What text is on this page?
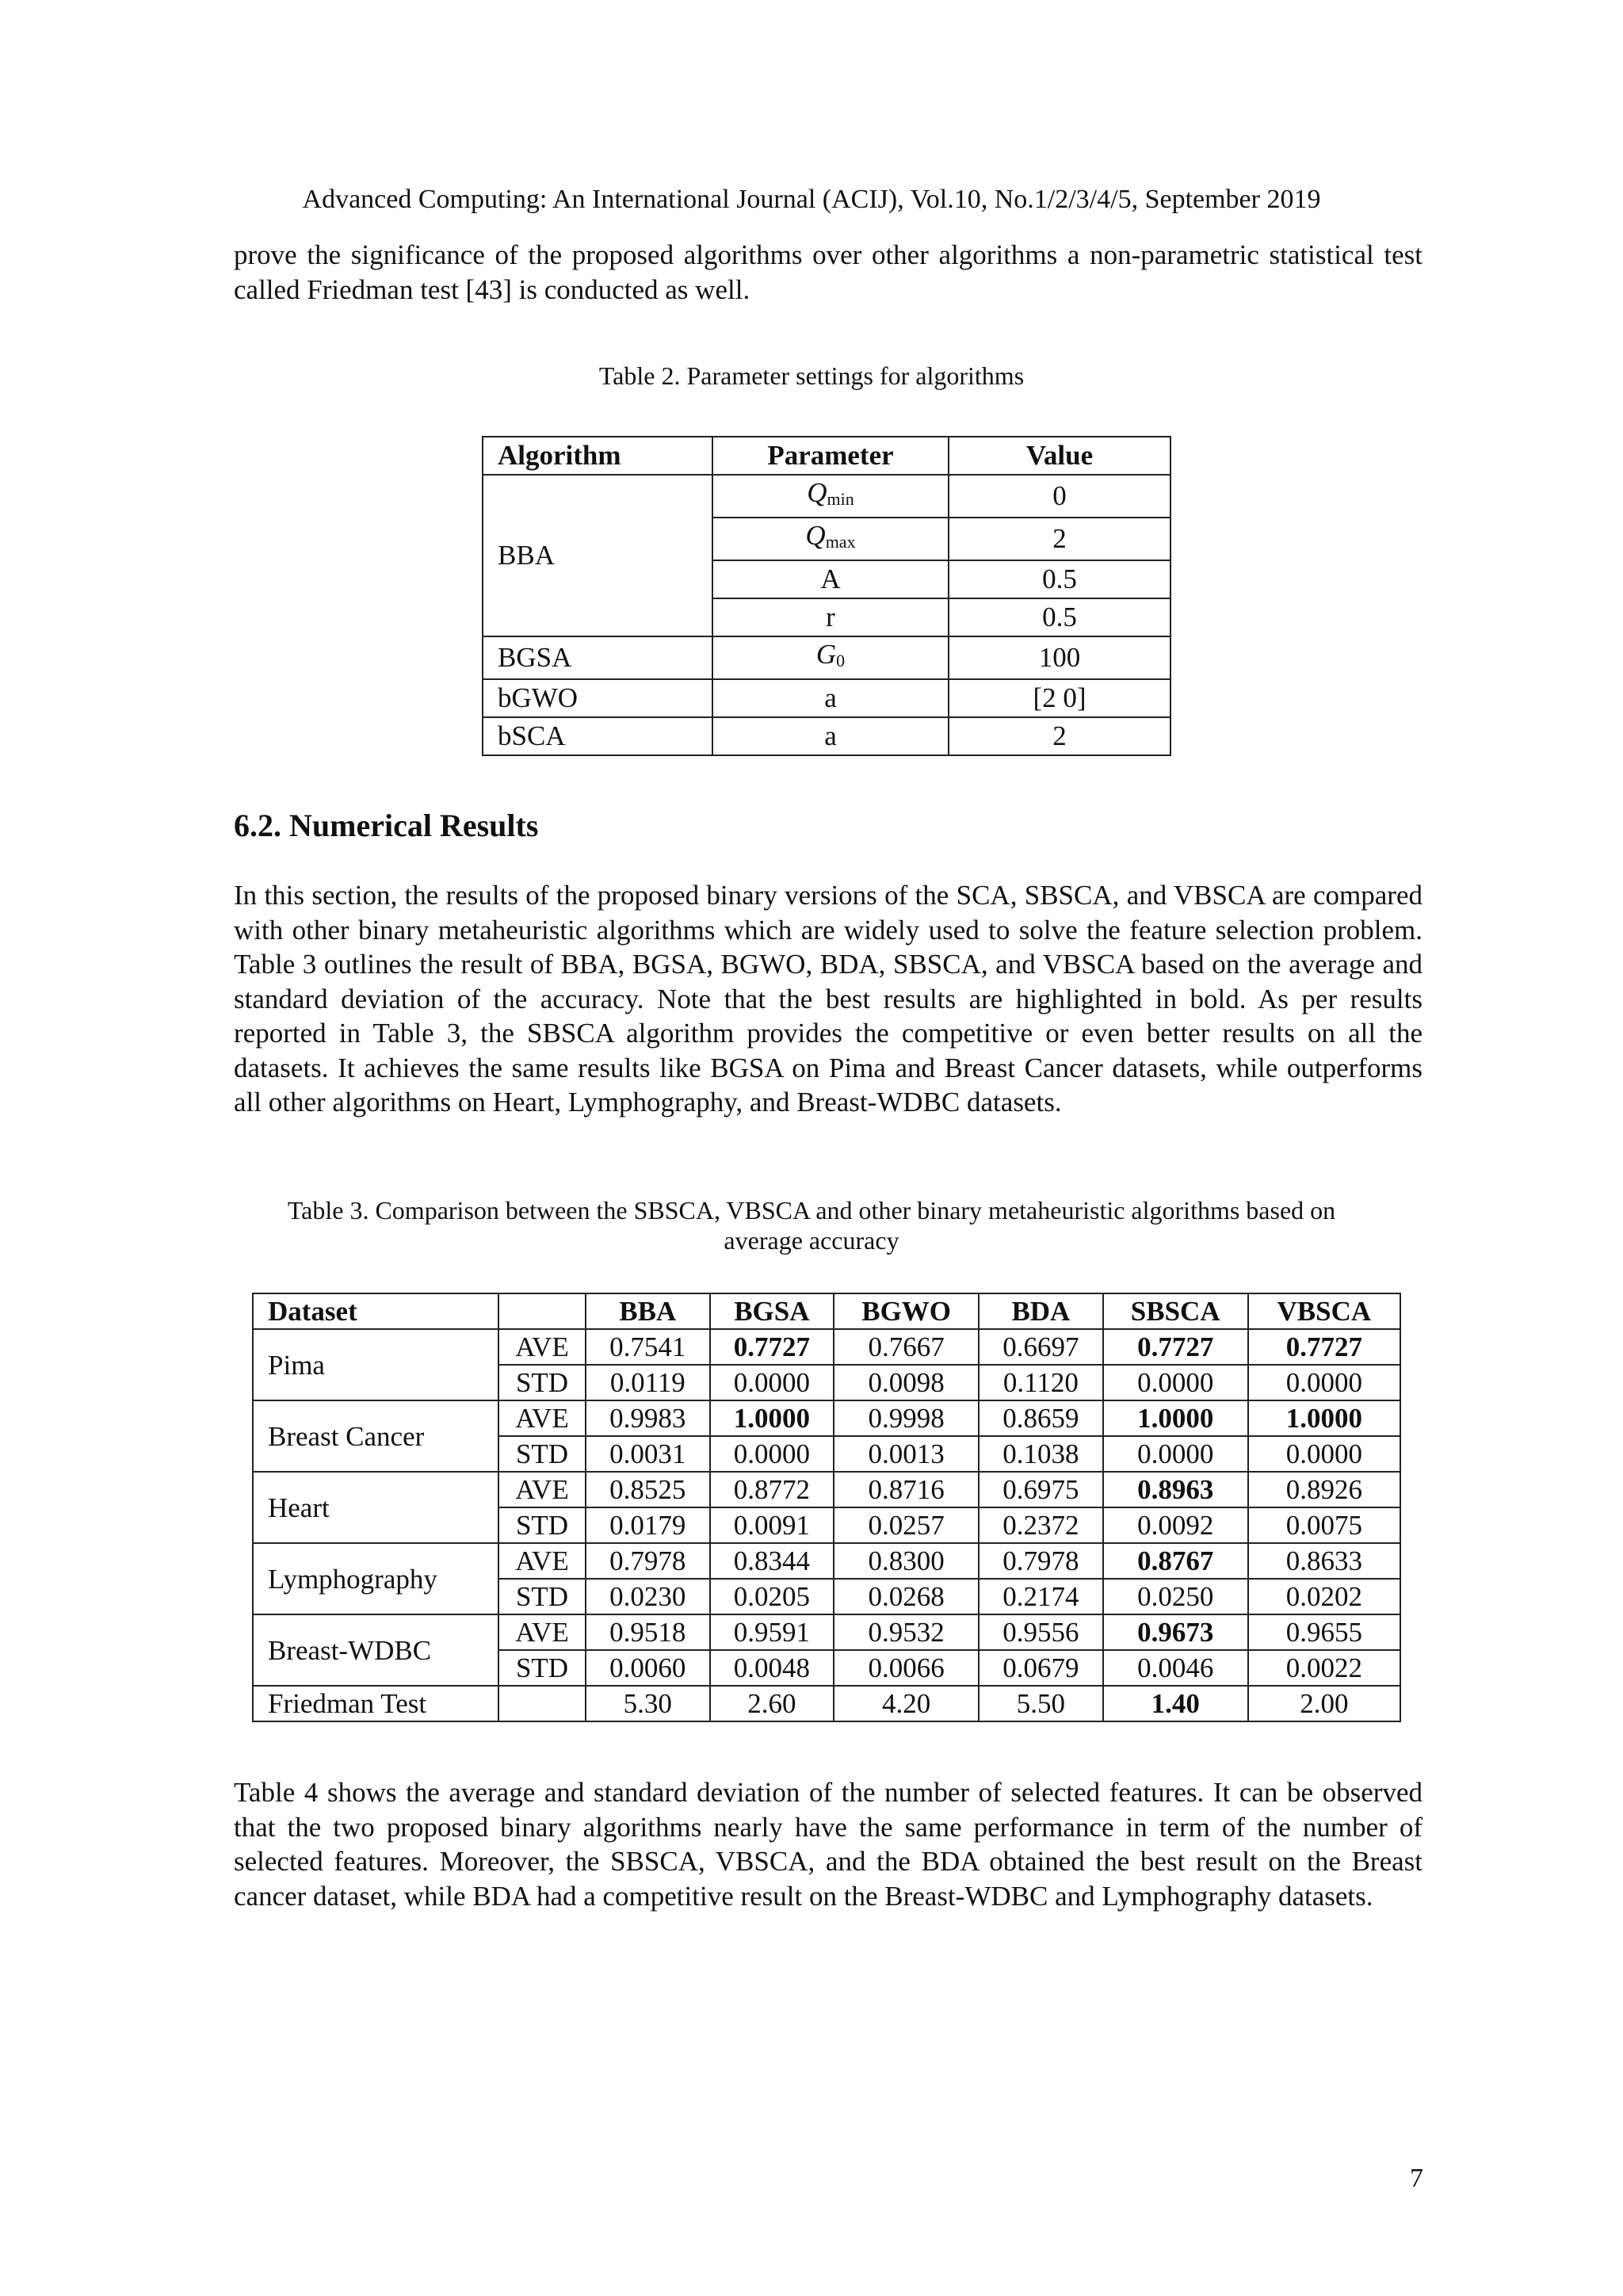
Advanced Computing: An International Journal (ACIJ), Vol.10, No.1/2/3/4/5, September 2019
prove the significance of the proposed algorithms over other algorithms a non-parametric statistical test called Friedman test [43] is conducted as well.
Table 2. Parameter settings for algorithms
Algorithm	Parameter	Value
BBA	Qmin	0
	Qmax	2
	A	0.5
	r	0.5
BGSA	G0	100
bGWO	a	[2 0]
bSCA	a	2
6.2. Numerical Results
In this section, the results of the proposed binary versions of the SCA, SBSCA, and VBSCA are compared with other binary metaheuristic algorithms which are widely used to solve the feature selection problem. Table 3 outlines the result of BBA, BGSA, BGWO, BDA, SBSCA, and VBSCA based on the average and standard deviation of the accuracy. Note that the best results are highlighted in bold. As per results reported in Table 3, the SBSCA algorithm provides the competitive or even better results on all the datasets. It achieves the same results like BGSA on Pima and Breast Cancer datasets, while outperforms all other algorithms on Heart, Lymphography, and Breast-WDBC datasets.
Table 3. Comparison between the SBSCA, VBSCA and other binary metaheuristic algorithms based on
average accuracy
Dataset		BBA	BGSA	BGWO	BDA	SBSCA	VBSCA
Pima	AVE	0.7541	0.7727	0.7667	0.6697	0.7727	0.7727
	STD	0.0119	0.0000	0.0098	0.1120	0.0000	0.0000
Breast Cancer	AVE	0.9983	1.0000	0.9998	0.8659	1.0000	1.0000
	STD	0.0031	0.0000	0.0013	0.1038	0.0000	0.0000
Heart	AVE	0.8525	0.8772	0.8716	0.6975	0.8963	0.8926
	STD	0.0179	0.0091	0.0257	0.2372	0.0092	0.0075
Lymphography	AVE	0.7978	0.8344	0.8300	0.7978	0.8767	0.8633
	STD	0.0230	0.0205	0.0268	0.2174	0.0250	0.0202
Breast-WDBC	AVE	0.9518	0.9591	0.9532	0.9556	0.9673	0.9655
	STD	0.0060	0.0048	0.0066	0.0679	0.0046	0.0022
Friedman Test		5.30	2.60	4.20	5.50	1.40	2.00
Table 4 shows the average and standard deviation of the number of selected features. It can be observed that the two proposed binary algorithms nearly have the same performance in term of the number of selected features. Moreover, the SBSCA, VBSCA, and the BDA obtained the best result on the Breast cancer dataset, while BDA had a competitive result on the Breast-WDBC and Lymphography datasets.
7
